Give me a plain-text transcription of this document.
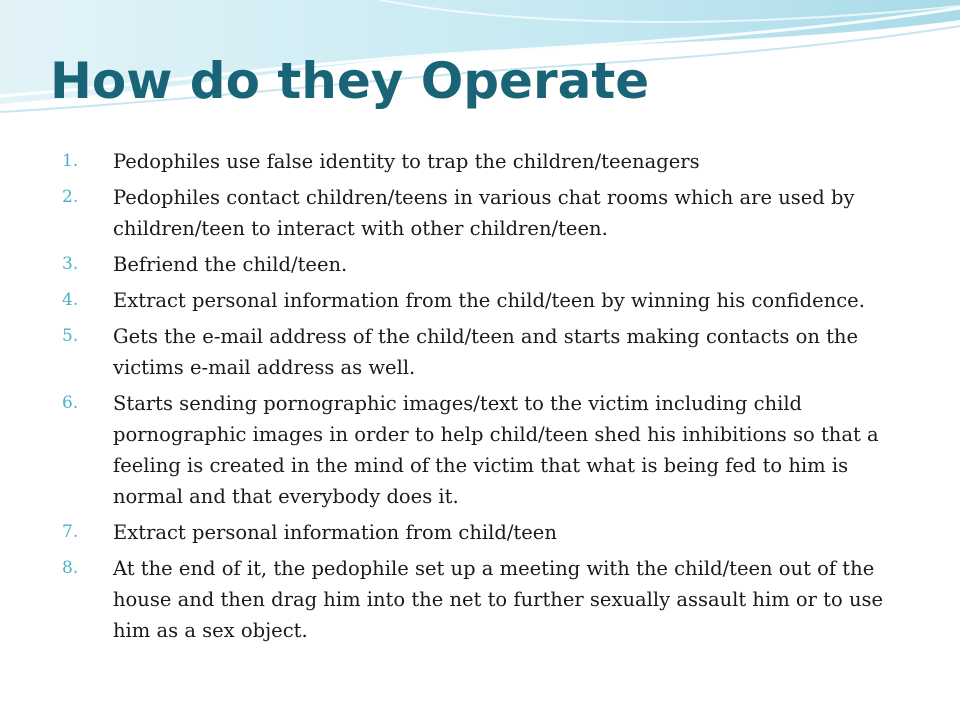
How do they Operate
1. Pedophiles use false identity to trap the children/teenagers
2. Pedophiles contact children/teens in various chat rooms which are used by children/teen to interact with other children/teen.
3. Befriend the child/teen.
4. Extract personal information from the child/teen by winning his confidence.
5. Gets the e-mail address of the child/teen and starts making contacts on the victims e-mail address as well.
6. Starts sending pornographic images/text to the victim including child pornographic images in order to help child/teen shed his inhibitions so that a feeling is created in the mind of the victim that what is being fed to him is normal and that everybody does it.
7. Extract personal information from child/teen
8. At the end of it, the pedophile set up a meeting with the child/teen out of the house and then drag him into the net to further sexually assault him or to use him as a sex object.
